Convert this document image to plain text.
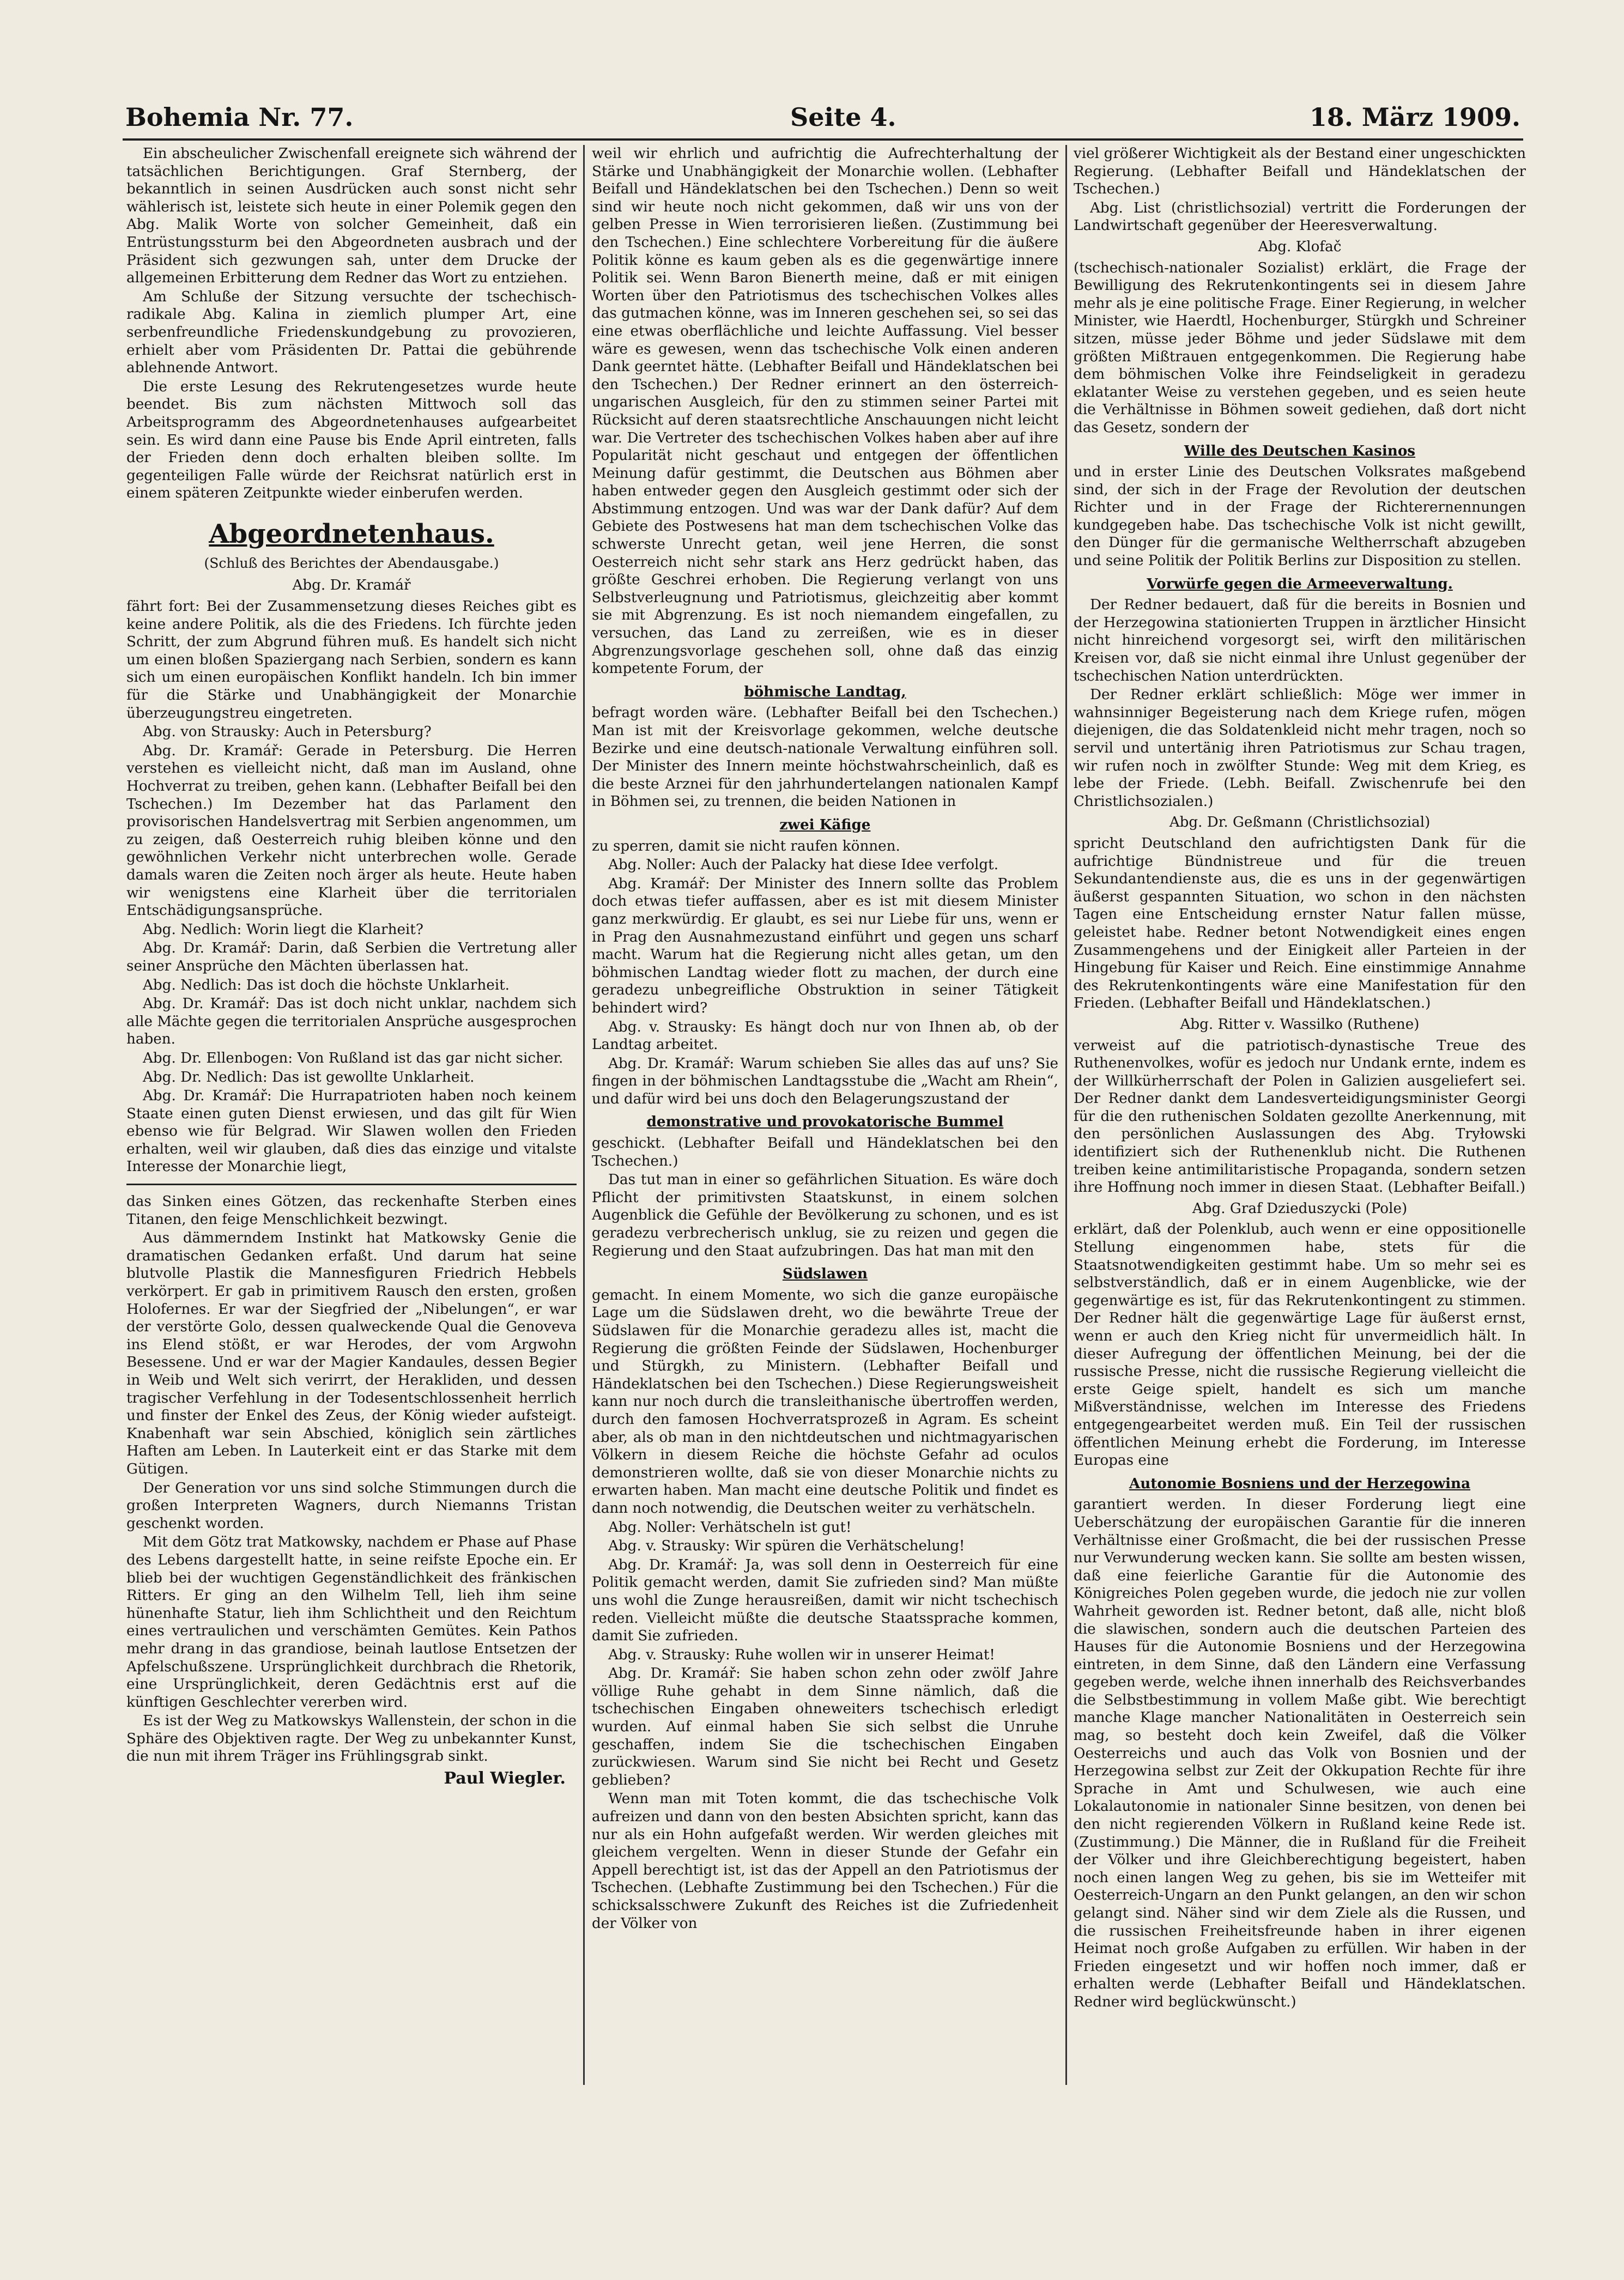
Bohemia Nr. 77.	Seite 4.	18. März 1909.

Ein abscheulicher Zwischenfall ereignete sich während der tatsächlichen Berichtigungen. Graf Sternberg, der bekanntlich in seinen Ausdrücken auch sonst nicht sehr wählerisch ist, leistete sich heute in einer Polemik gegen den Abg. Malik Worte von solcher Gemeinheit, daß ein Entrüstungssturm bei den Abgeordneten ausbrach und der Präsident sich gezwungen sah, unter dem Drucke der allgemeinen Erbitterung dem Redner das Wort zu entziehen.

Am Schluße der Sitzung versuchte der tschechisch-radikale Abg. Kalina in ziemlich plumper Art, eine serbenfreundliche Friedenskundgebung zu provozieren, erhielt aber vom Präsidenten Dr. Pattai die gebührende ablehnende Antwort.

Die erste Lesung des Rekrutengesetzes wurde heute beendet. Bis zum nächsten Mittwoch soll das Arbeitsprogramm des Abgeordnetenhauses aufgearbeitet sein. Es wird dann eine Pause bis Ende April eintreten, falls der Frieden denn doch erhalten bleiben sollte. Im gegenteiligen Falle würde der Reichsrat natürlich erst in einem späteren Zeitpunkte wieder einberufen werden.

Abgeordnetenhaus.
(Schluß des Berichtes der Abendausgabe.)
Abg. Dr. Kramář

fährt fort: Bei der Zusammensetzung dieses Reiches gibt es keine andere Politik, als die des Friedens. Ich fürchte jeden Schritt, der zum Abgrund führen muß. Es handelt sich nicht um einen bloßen Spaziergang nach Serbien, sondern es kann sich um einen europäischen Konflikt handeln. Ich bin immer für die Stärke und Unabhängigkeit der Monarchie überzeugungstreu eingetreten.

Abg. von Strausky: Auch in Petersburg?

Abg. Dr. Kramář: Gerade in Petersburg. Die Herren verstehen es vielleicht nicht, daß man im Ausland, ohne Hochverrat zu treiben, gehen kann. (Lebhafter Beifall bei den Tschechen.) Im Dezember hat das Parlament den provisorischen Handelsvertrag mit Serbien angenommen, um zu zeigen, daß Oesterreich ruhig bleiben könne und den gewöhnlichen Verkehr nicht unterbrechen wolle. Gerade damals waren die Zeiten noch ärger als heute. Heute haben wir wenigstens eine Klarheit über die territorialen Entschädigungsansprüche.

Abg. Nedlich: Worin liegt die Klarheit?

Abg. Dr. Kramář: Darin, daß Serbien die Vertretung aller seiner Ansprüche den Mächten überlassen hat.

Abg. Nedlich: Das ist doch die höchste Unklarheit.

Abg. Dr. Kramář: Das ist doch nicht unklar, nachdem sich alle Mächte gegen die territorialen Ansprüche ausgesprochen haben.

Abg. Dr. Ellenbogen: Von Rußland ist das gar nicht sicher.

Abg. Dr. Nedlich: Das ist gewollte Unklarheit.

Abg. Dr. Kramář: Die Hurrapatrioten haben noch keinem Staate einen guten Dienst erwiesen, und das gilt für Wien ebenso wie für Belgrad. Wir Slawen wollen den Frieden erhalten, weil wir glauben, daß dies das einzige und vitalste Interesse der Monarchie liegt,

das Sinken eines Götzen, das reckenhafte Sterben eines Titanen, den feige Menschlichkeit bezwingt.

Aus dämmerndem Instinkt hat Matkowsky Genie die dramatischen Gedanken erfaßt. Und darum hat seine blutvolle Plastik die Mannesfiguren Friedrich Hebbels verkörpert. Er gab in primitivem Rausch den ersten, großen Holofernes. Er war der Siegfried der „Nibelungen“, er war der verstörte Golo, dessen qualweckende Qual die Genoveva ins Elend stößt, er war Herodes, der vom Argwohn Besessene. Und er war der Magier Kandaules, dessen Begier in Weib und Welt sich verirrt, der Herakliden, und dessen tragischer Verfehlung in der Todesentschlossenheit herrlich und finster der Enkel des Zeus, der König wieder aufsteigt. Knabenhaft war sein Abschied, königlich sein zärtliches Haften am Leben. In Lauterkeit eint er das Starke mit dem Gütigen.

Der Generation vor uns sind solche Stimmungen durch die großen Interpreten Wagners, durch Niemanns Tristan geschenkt worden.

Mit dem Götz trat Matkowsky, nachdem er Phase auf Phase des Lebens dargestellt hatte, in seine reifste Epoche ein. Er blieb bei der wuchtigen Gegenständlichkeit des fränkischen Ritters. Er ging an den Wilhelm Tell, lieh ihm seine hünenhafte Statur, lieh ihm Schlichtheit und den Reichtum eines vertraulichen und verschämten Gemütes. Kein Pathos mehr drang in das grandiose, beinah lautlose Entsetzen der Apfelschußszene. Ursprünglichkeit durchbrach die Rhetorik, eine Ursprünglichkeit, deren Gedächtnis erst auf die künftigen Geschlechter vererben wird.

Es ist der Weg zu Matkowskys Wallenstein, der schon in die Sphäre des Objektiven ragte. Der Weg zu unbekannter Kunst, die nun mit ihrem Träger ins Frühlingsgrab sinkt.

Paul Wiegler.

weil wir ehrlich und aufrichtig die Aufrechterhaltung der Stärke und Unabhängigkeit der Monarchie wollen. (Lebhafter Beifall und Händeklatschen bei den Tschechen.) Denn so weit sind wir heute noch nicht gekommen, daß wir uns von der gelben Presse in Wien terrorisieren ließen. (Zustimmung bei den Tschechen.) Eine schlechtere Vorbereitung für die äußere Politik könne es kaum geben als es die gegenwärtige innere Politik sei. Wenn Baron Bienerth meine, daß er mit einigen Worten über den Patriotismus des tschechischen Volkes alles das gutmachen könne, was im Inneren geschehen sei, so sei das eine etwas oberflächliche und leichte Auffassung. Viel besser wäre es gewesen, wenn das tschechische Volk einen anderen Dank geerntet hätte. (Lebhafter Beifall und Händeklatschen bei den Tschechen.) Der Redner erinnert an den österreich-ungarischen Ausgleich, für den zu stimmen seiner Partei mit Rücksicht auf deren staatsrechtliche Anschauungen nicht leicht war. Die Vertreter des tschechischen Volkes haben aber auf ihre Popularität nicht geschaut und entgegen der öffentlichen Meinung dafür gestimmt, die Deutschen aus Böhmen aber haben entweder gegen den Ausgleich gestimmt oder sich der Abstimmung entzogen. Und was war der Dank dafür? Auf dem Gebiete des Postwesens hat man dem tschechischen Volke das schwerste Unrecht getan, weil jene Herren, die sonst Oesterreich nicht sehr stark ans Herz gedrückt haben, das größte Geschrei erhoben. Die Regierung verlangt von uns Selbstverleugnung und Patriotismus, gleichzeitig aber kommt sie mit Abgrenzung. Es ist noch niemandem eingefallen, zu versuchen, das Land zu zerreißen, wie es in dieser Abgrenzungsvorlage geschehen soll, ohne daß das einzig kompetente Forum, der

böhmische Landtag,

befragt worden wäre. (Lebhafter Beifall bei den Tschechen.) Man ist mit der Kreisvorlage gekommen, welche deutsche Bezirke und eine deutsch-nationale Verwaltung einführen soll. Der Minister des Innern meinte höchstwahrscheinlich, daß es die beste Arznei für den jahrhundertelangen nationalen Kampf in Böhmen sei, zu trennen, die beiden Nationen in

zwei Käfige

zu sperren, damit sie nicht raufen können.

Abg. Noller: Auch der Palacky hat diese Idee verfolgt.

Abg. Kramář: Der Minister des Innern sollte das Problem doch etwas tiefer auffassen, aber es ist mit diesem Minister ganz merkwürdig. Er glaubt, es sei nur Liebe für uns, wenn er in Prag den Ausnahmezustand einführt und gegen uns scharf macht. Warum hat die Regierung nicht alles getan, um den böhmischen Landtag wieder flott zu machen, der durch eine geradezu unbegreifliche Obstruktion in seiner Tätigkeit behindert wird?

Abg. v. Strausky: Es hängt doch nur von Ihnen ab, ob der Landtag arbeitet.

Abg. Dr. Kramář: Warum schieben Sie alles das auf uns? Sie fingen in der böhmischen Landtagsstube die „Wacht am Rhein“, und dafür wird bei uns doch den Belagerungszustand der

demonstrative und provokatorische Bummel

geschickt. (Lebhafter Beifall und Händeklatschen bei den Tschechen.)

Das tut man in einer so gefährlichen Situation. Es wäre doch Pflicht der primitivsten Staatskunst, in einem solchen Augenblick die Gefühle der Bevölkerung zu schonen, und es ist geradezu verbrecherisch unklug, sie zu reizen und gegen die Regierung und den Staat aufzubringen. Das hat man mit den

Südslawen

gemacht. In einem Momente, wo sich die ganze europäische Lage um die Südslawen dreht, wo die bewährte Treue der Südslawen für die Monarchie geradezu alles ist, macht die Regierung die größten Feinde der Südslawen, Hochenburger und Stürgkh, zu Ministern. (Lebhafter Beifall und Händeklatschen bei den Tschechen.) Diese Regierungsweisheit kann nur noch durch die transleithanische übertroffen werden, durch den famosen Hochverratsprozeß in Agram. Es scheint aber, als ob man in den nichtdeutschen und nichtmagyarischen Völkern in diesem Reiche die höchste Gefahr ad oculos demonstrieren wollte, daß sie von dieser Monarchie nichts zu erwarten haben. Man macht eine deutsche Politik und findet es dann noch notwendig, die Deutschen weiter zu verhätscheln.

Abg. Noller: Verhätscheln ist gut!

Abg. v. Strausky: Wir spüren die Verhätschelung!

Abg. Dr. Kramář: Ja, was soll denn in Oesterreich für eine Politik gemacht werden, damit Sie zufrieden sind? Man müßte uns wohl die Zunge herausreißen, damit wir nicht tschechisch reden. Vielleicht müßte die deutsche Staatssprache kommen, damit Sie zufrieden.

Abg. v. Strausky: Ruhe wollen wir in unserer Heimat!

Abg. Dr. Kramář: Sie haben schon zehn oder zwölf Jahre völlige Ruhe gehabt in dem Sinne nämlich, daß die tschechischen Eingaben ohneweiters tschechisch erledigt wurden. Auf einmal haben Sie sich selbst die Unruhe geschaffen, indem Sie die tschechischen Eingaben zurückwiesen. Warum sind Sie nicht bei Recht und Gesetz geblieben?

Wenn man mit Toten kommt, die das tschechische Volk aufreizen und dann von den besten Absichten spricht, kann das nur als ein Hohn aufgefaßt werden. Wir werden gleiches mit gleichem vergelten. Wenn in dieser Stunde der Gefahr ein Appell berechtigt ist, ist das der Appell an den Patriotismus der Tschechen. (Lebhafte Zustimmung bei den Tschechen.) Für die schicksalsschwere Zukunft des Reiches ist die Zufriedenheit der Völker von

viel größerer Wichtigkeit als der Bestand einer ungeschickten Regierung. (Lebhafter Beifall und Händeklatschen der Tschechen.)

Abg. List (christlichsozial) vertritt die Forderungen der Landwirtschaft gegenüber der Heeresverwaltung.

Abg. Klofač

(tschechisch-nationaler Sozialist) erklärt, die Frage der Bewilligung des Rekrutenkontingents sei in diesem Jahre mehr als je eine politische Frage. Einer Regierung, in welcher Minister, wie Haerdtl, Hochenburger, Stürgkh und Schreiner sitzen, müsse jeder Böhme und jeder Südslawe mit dem größten Mißtrauen entgegenkommen. Die Regierung habe dem böhmischen Volke ihre Feindseligkeit in geradezu eklatanter Weise zu verstehen gegeben, und es seien heute die Verhältnisse in Böhmen soweit gediehen, daß dort nicht das Gesetz, sondern der

Wille des Deutschen Kasinos

und in erster Linie des Deutschen Volksrates maßgebend sind, der sich in der Frage der Revolution der deutschen Richter und in der Frage der Richterernennungen kundgegeben habe. Das tschechische Volk ist nicht gewillt, den Dünger für die germanische Weltherrschaft abzugeben und seine Politik der Politik Berlins zur Disposition zu stellen.

Vorwürfe gegen die Armeeverwaltung.

Der Redner bedauert, daß für die bereits in Bosnien und der Herzegowina stationierten Truppen in ärztlicher Hinsicht nicht hinreichend vorgesorgt sei, wirft den militärischen Kreisen vor, daß sie nicht einmal ihre Unlust gegenüber der tschechischen Nation unterdrückten.

Der Redner erklärt schließlich: Möge wer immer in wahnsinniger Begeisterung nach dem Kriege rufen, mögen diejenigen, die das Soldatenkleid nicht mehr tragen, noch so servil und untertänig ihren Patriotismus zur Schau tragen, wir rufen noch in zwölfter Stunde: Weg mit dem Krieg, es lebe der Friede. (Lebh. Beifall. Zwischenrufe bei den Christlichsozialen.)

Abg. Dr. Geßmann (Christlichsozial)

spricht Deutschland den aufrichtigsten Dank für die aufrichtige Bündnistreue und für die treuen Sekundantendienste aus, die es uns in der gegenwärtigen äußerst gespannten Situation, wo schon in den nächsten Tagen eine Entscheidung ernster Natur fallen müsse, geleistet habe. Redner betont Notwendigkeit eines engen Zusammengehens und der Einigkeit aller Parteien in der Hingebung für Kaiser und Reich. Eine einstimmige Annahme des Rekrutenkontingents wäre eine Manifestation für den Frieden. (Lebhafter Beifall und Händeklatschen.)

Abg. Ritter v. Wassilko (Ruthene)

verweist auf die patriotisch-dynastische Treue des Ruthenenvolkes, wofür es jedoch nur Undank ernte, indem es der Willkürherrschaft der Polen in Galizien ausgeliefert sei. Der Redner dankt dem Landesverteidigungsminister Georgi für die den ruthenischen Soldaten gezollte Anerkennung, mit den persönlichen Auslassungen des Abg. Tryłowski identifiziert sich der Ruthenenklub nicht. Die Ruthenen treiben keine antimilitaristische Propaganda, sondern setzen ihre Hoffnung noch immer in diesen Staat. (Lebhafter Beifall.)

Abg. Graf Dzieduszycki (Pole)

erklärt, daß der Polenklub, auch wenn er eine oppositionelle Stellung eingenommen habe, stets für die Staatsnotwendigkeiten gestimmt habe. Um so mehr sei es selbstverständlich, daß er in einem Augenblicke, wie der gegenwärtige es ist, für das Rekrutenkontingent zu stimmen. Der Redner hält die gegenwärtige Lage für äußerst ernst, wenn er auch den Krieg nicht für unvermeidlich hält. In dieser Aufregung der öffentlichen Meinung, bei der die russische Presse, nicht die russische Regierung vielleicht die erste Geige spielt, handelt es sich um manche Mißverständnisse, welchen im Interesse des Friedens entgegengearbeitet werden muß. Ein Teil der russischen öffentlichen Meinung erhebt die Forderung, im Interesse Europas eine

Autonomie Bosniens und der Herzegowina

garantiert werden. In dieser Forderung liegt eine Ueberschätzung der europäischen Garantie für die inneren Verhältnisse einer Großmacht, die bei der russischen Presse nur Verwunderung wecken kann. Sie sollte am besten wissen, daß eine feierliche Garantie für die Autonomie des Königreiches Polen gegeben wurde, die jedoch nie zur vollen Wahrheit geworden ist. Redner betont, daß alle, nicht bloß die slawischen, sondern auch die deutschen Parteien des Hauses für die Autonomie Bosniens und der Herzegowina eintreten, in dem Sinne, daß den Ländern eine Verfassung gegeben werde, welche ihnen innerhalb des Reichsverbandes die Selbstbestimmung in vollem Maße gibt. Wie berechtigt manche Klage mancher Nationalitäten in Oesterreich sein mag, so besteht doch kein Zweifel, daß die Völker Oesterreichs und auch das Volk von Bosnien und der Herzegowina selbst zur Zeit der Okkupation Rechte für ihre Sprache in Amt und Schulwesen, wie auch eine Lokalautonomie in nationaler Sinne besitzen, von denen bei den nicht regierenden Völkern in Rußland keine Rede ist. (Zustimmung.) Die Männer, die in Rußland für die Freiheit der Völker und ihre Gleichberechtigung begeistert, haben noch einen langen Weg zu gehen, bis sie im Wetteifer mit Oesterreich-Ungarn an den Punkt gelangen, an den wir schon gelangt sind. Näher sind wir dem Ziele als die Russen, und die russischen Freiheitsfreunde haben in ihrer eigenen Heimat noch große Aufgaben zu erfüllen. Wir haben in der Frieden eingesetzt und wir hoffen noch immer, daß er erhalten werde (Lebhafter Beifall und Händeklatschen. Redner wird beglückwünscht.)
